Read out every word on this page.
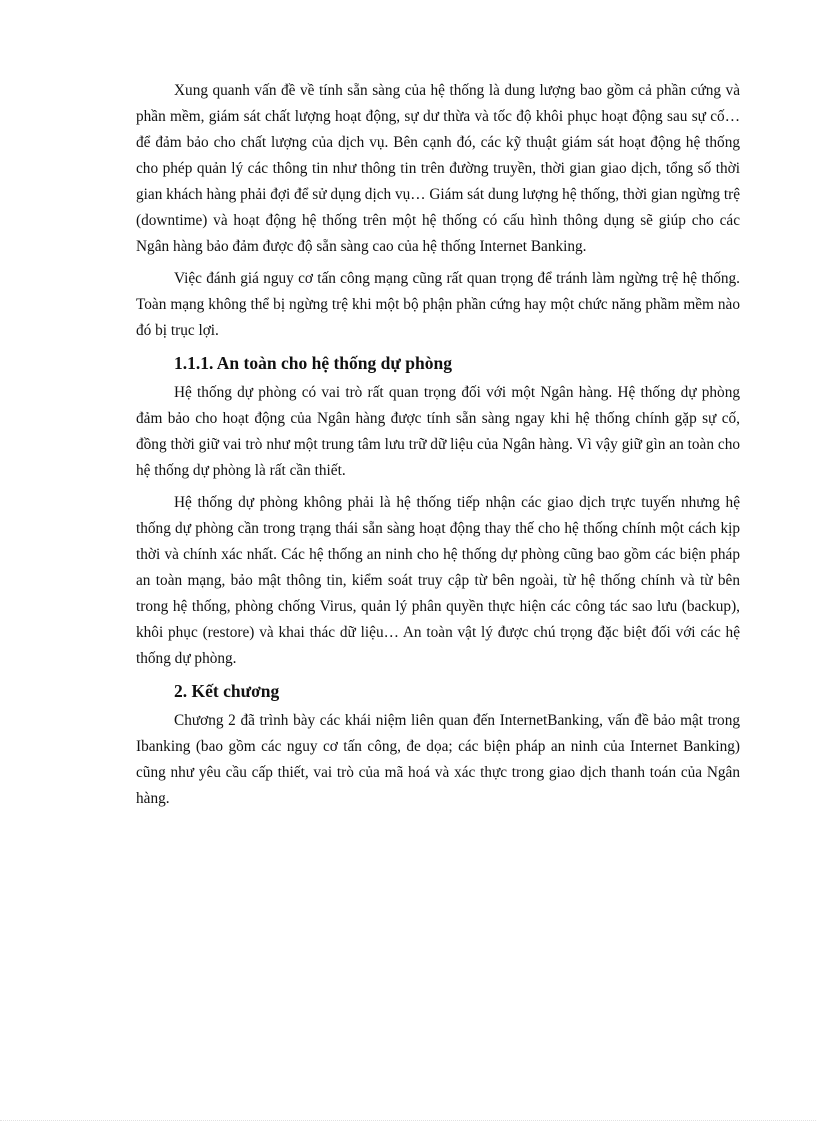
Xung quanh vấn đề về tính sẵn sàng của hệ thống là dung lượng bao gồm cả phần cứng và phần mềm, giám sát chất lượng hoạt động, sự dư thừa và tốc độ khôi phục hoạt động sau sự cố… để đảm bảo cho chất lượng của dịch vụ. Bên cạnh đó, các kỹ thuật giám sát hoạt động hệ thống cho phép quản lý các thông tin như thông tin trên đường truyền, thời gian giao dịch, tổng số thời gian khách hàng phải đợi để sử dụng dịch vụ… Giám sát dung lượng hệ thống, thời gian ngừng trệ (downtime) và hoạt động hệ thống trên một hệ thống có cấu hình thông dụng sẽ giúp cho các Ngân hàng bảo đảm được độ sẵn sàng cao của hệ thống Internet Banking.

Việc đánh giá nguy cơ tấn công mạng cũng rất quan trọng để tránh làm ngừng trệ hệ thống. Toàn mạng không thể bị ngừng trệ khi một bộ phận phần cứng hay một chức năng phầm mềm nào đó bị trục lợi.

1.1.1. An toàn cho hệ thống dự phòng

Hệ thống dự phòng có vai trò rất quan trọng đối với một Ngân hàng. Hệ thống dự phòng đảm bảo cho hoạt động của Ngân hàng được tính sẵn sàng ngay khi hệ thống chính gặp sự cố, đồng thời giữ vai trò như một trung tâm lưu trữ dữ liệu của Ngân hàng. Vì vậy giữ gìn an toàn cho hệ thống dự phòng là rất cần thiết.

Hệ thống dự phòng không phải là hệ thống tiếp nhận các giao dịch trực tuyến nhưng hệ thống dự phòng cần trong trạng thái sẵn sàng hoạt động thay thế cho hệ thống chính một cách kịp thời và chính xác nhất. Các hệ thống an ninh cho hệ thống dự phòng cũng bao gồm các biện pháp an toàn mạng, bảo mật thông tin, kiểm soát truy cập từ bên ngoài, từ hệ thống chính và từ bên trong hệ thống, phòng chống Virus, quản lý phân quyền thực hiện các công tác sao lưu (backup), khôi phục (restore) và khai thác dữ liệu… An toàn vật lý được chú trọng đặc biệt đối với các hệ thống dự phòng.

2. Kết chương

Chương 2 đã trình bày các khái niệm liên quan đến InternetBanking, vấn đề bảo mật trong Ibanking (bao gồm các nguy cơ tấn công, đe dọa; các biện pháp an ninh của Internet Banking) cũng như yêu cầu cấp thiết, vai trò của mã hoá và xác thực trong giao dịch thanh toán của Ngân hàng.
